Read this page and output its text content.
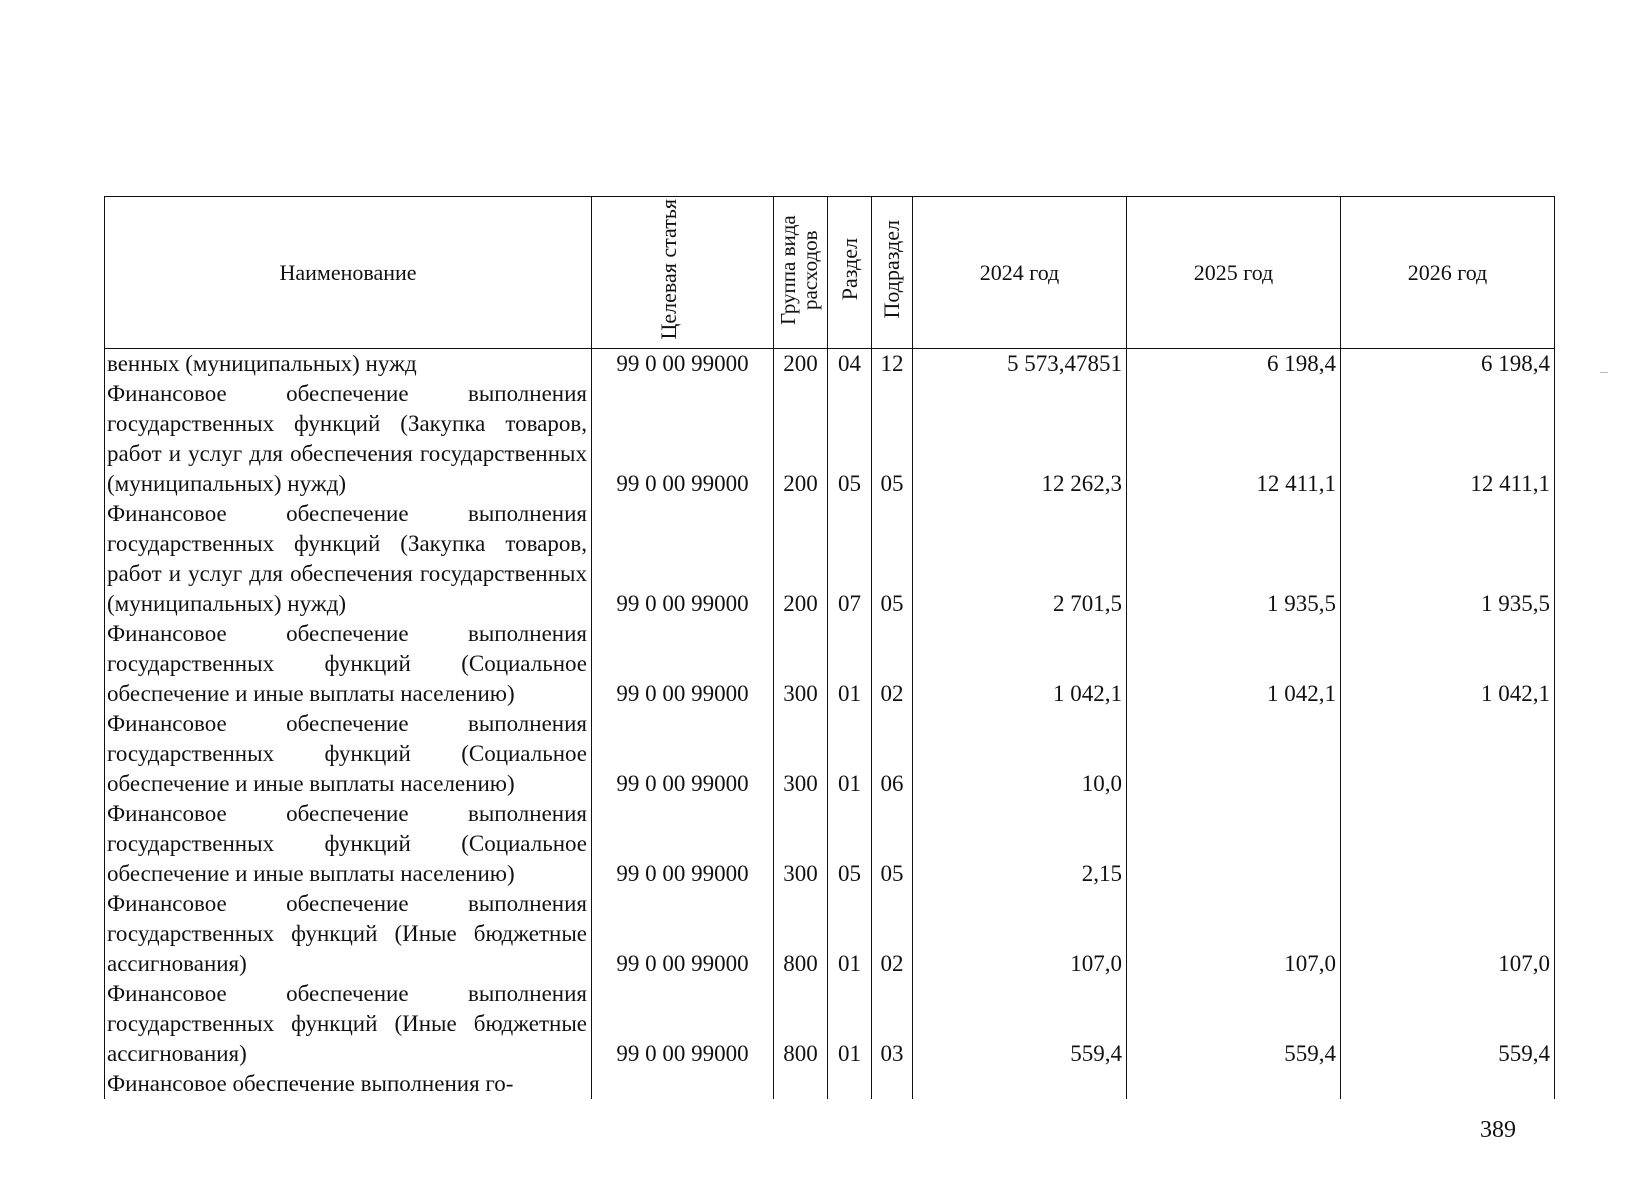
Наименование	Целевая статья	Группа вида расходов	Раздел	Подраздел	2024 год	2025 год	2026 год
венных (муниципальных) нужд	99 0 00 99000	200	04	12	5 573,47851	6 198,4	6 198,4
Финансовое обеспечение выполнения государственных функций (Закупка товаров, работ и услуг для обеспечения государственных (муниципальных) нужд)	99 0 00 99000	200	05	05	12 262,3	12 411,1	12 411,1
Финансовое обеспечение выполнения государственных функций (Закупка товаров, работ и услуг для обеспечения государственных (муниципальных) нужд)	99 0 00 99000	200	07	05	2 701,5	1 935,5	1 935,5
Финансовое обеспечение выполнения государственных функций (Социальное обеспечение и иные выплаты населению)	99 0 00 99000	300	01	02	1 042,1	1 042,1	1 042,1
Финансовое обеспечение выполнения государственных функций (Социальное обеспечение и иные выплаты населению)	99 0 00 99000	300	01	06	10,0		
Финансовое обеспечение выполнения государственных функций (Социальное обеспечение и иные выплаты населению)	99 0 00 99000	300	05	05	2,15		
Финансовое обеспечение выполнения государственных функций (Иные бюджетные ассигнования)	99 0 00 99000	800	01	02	107,0	107,0	107,0
Финансовое обеспечение выполнения государственных функций (Иные бюджетные ассигнования)	99 0 00 99000	800	01	03	559,4	559,4	559,4
Финансовое обеспечение выполнения го-							
389
